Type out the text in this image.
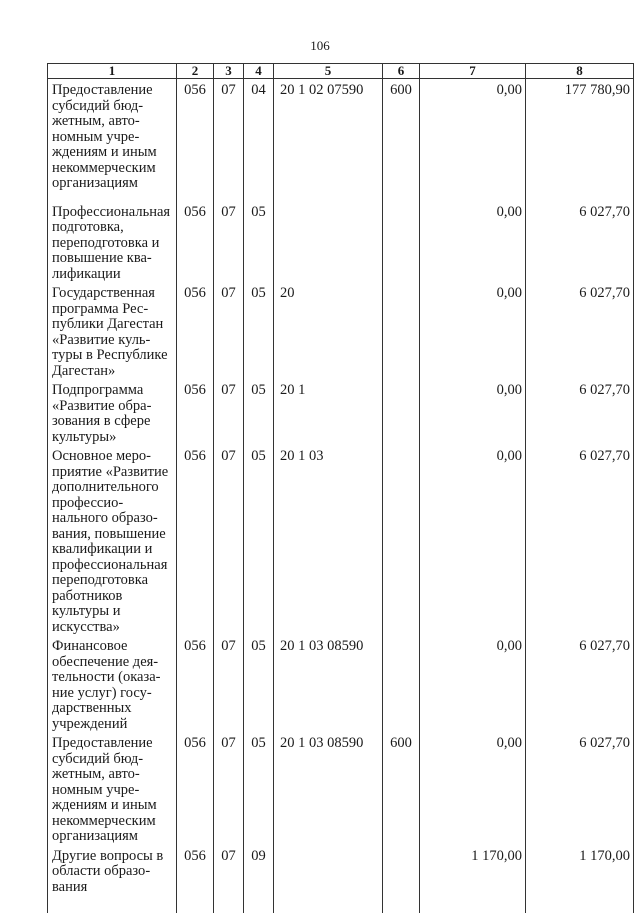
106
1	2	3	4	5	6	7	8
Предоставление субсидий бюджетным, автономным учреждениям и иным некоммерческим организациям	056	07	04	20 1 02 07590	600	0,00	177 780,90
Профессиональная подготовка, переподготовка и повышение квалификации	056	07	05			0,00	6 027,70
Государственная программа Республики Дагестан «Развитие культуры в Республике Дагестан»	056	07	05	20		0,00	6 027,70
Подпрограмма «Развитие образования в сфере культуры»	056	07	05	20 1		0,00	6 027,70
Основное мероприятие «Развитие дополнительного профессионального образования, повышение квалификации и профессиональная переподготовка работников культуры и искусства»	056	07	05	20 1 03		0,00	6 027,70
Финансовое обеспечение деятельности (оказание услуг) государственных учреждений	056	07	05	20 1 03 08590		0,00	6 027,70
Предоставление субсидий бюджетным, автономным учреждениям и иным некоммерческим организациям	056	07	05	20 1 03 08590	600	0,00	6 027,70
Другие вопросы в области образования	056	07	09			1 170,00	1 170,00
